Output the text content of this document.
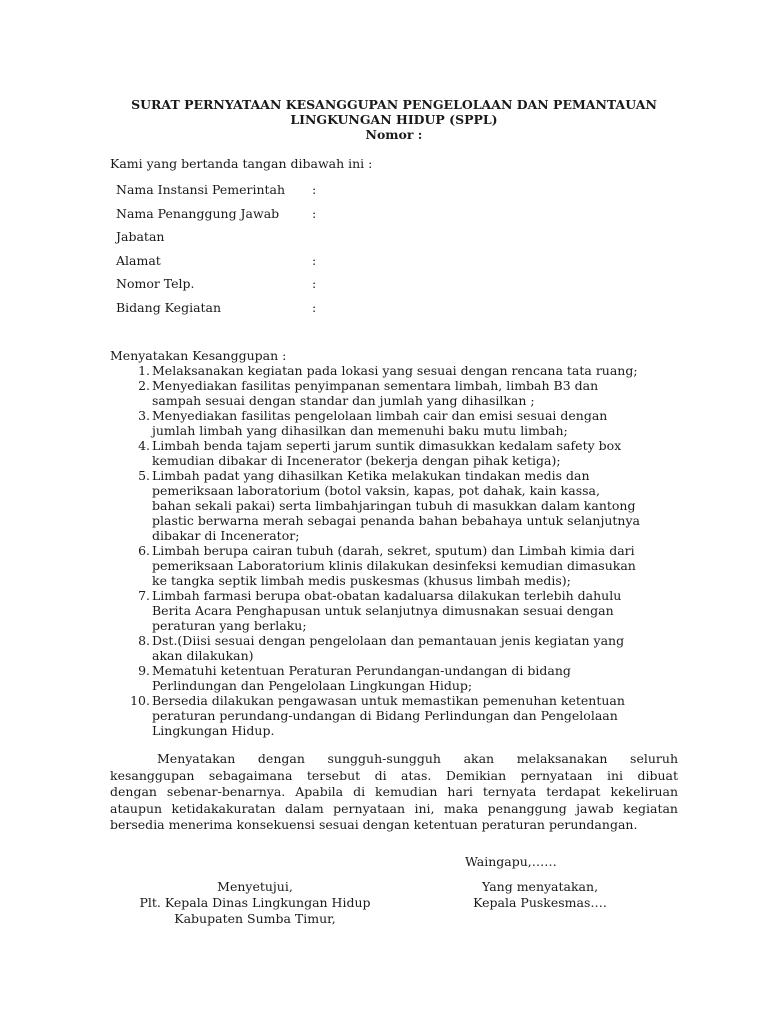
SURAT PERNYATAAN KESANGGUPAN PENGELOLAAN DAN PEMANTAUAN
LINGKUNGAN HIDUP (SPPL)
Nomor :
Kami yang bertanda tangan dibawah ini :
Nama Instansi Pemerintah :
Nama Penanggung Jawab	:
Jabatan
Alamat	:
Nomor Telp.	:
Bidang Kegiatan	:
Menyatakan Kesanggupan :
1. Melaksanakan kegiatan pada lokasi yang sesuai dengan rencana tata ruang;
2. Menyediakan fasilitas penyimpanan sementara limbah, limbah B3 dan
sampah sesuai dengan standar dan jumlah yang dihasilkan ;
3. Menyediakan fasilitas pengelolaan limbah cair dan emisi sesuai dengan
jumlah limbah yang dihasilkan dan memenuhi baku mutu limbah;
4. Limbah benda tajam seperti jarum suntik dimasukkan kedalam safety box
kemudian dibakar di Incenerator (bekerja dengan pihak ketiga);
5. Limbah padat yang dihasilkan Ketika melakukan tindakan medis dan
pemeriksaan laboratorium (botol vaksin, kapas, pot dahak, kain kassa,
bahan sekali pakai) serta limbahjaringan tubuh di masukkan dalam kantong
plastic berwarna merah sebagai penanda bahan bebahaya untuk selanjutnya
dibakar di Incenerator;
6. Limbah berupa cairan tubuh (darah, sekret, sputum) dan Limbah kimia dari
pemeriksaan Laboratorium klinis dilakukan desinfeksi kemudian dimasukan
ke tangka septik limbah medis puskesmas (khusus limbah medis);
7. Limbah farmasi berupa obat-obatan kadaluarsa dilakukan terlebih dahulu
Berita Acara Penghapusan untuk selanjutnya dimusnakan sesuai dengan
peraturan yang berlaku;
8. Dst.(Diisi sesuai dengan pengelolaan dan pemantauan jenis kegiatan yang
akan dilakukan)
9. Mematuhi ketentuan Peraturan Perundangan-undangan di bidang
Perlindungan dan Pengelolaan Lingkungan Hidup;
10. Bersedia dilakukan pengawasan untuk memastikan pemenuhan ketentuan
peraturan perundang-undangan di Bidang Perlindungan dan Pengelolaan
Lingkungan Hidup.
Menyatakan dengan sungguh-sungguh akan melaksanakan seluruh
kesanggupan sebagaimana tersebut di atas. Demikian pernyataan ini dibuat
dengan sebenar-benarnya. Apabila di kemudian hari ternyata terdapat kekeliruan
ataupun ketidakakuratan dalam pernyataan ini, maka penanggung jawab kegiatan
bersedia menerima konsekuensi sesuai dengan ketentuan peraturan perundangan.
Waingapu,……
Menyetujui,
Plt. Kepala Dinas Lingkungan Hidup
Kabupaten Sumba Timur,
Yang menyatakan,
Kepala Puskesmas….
